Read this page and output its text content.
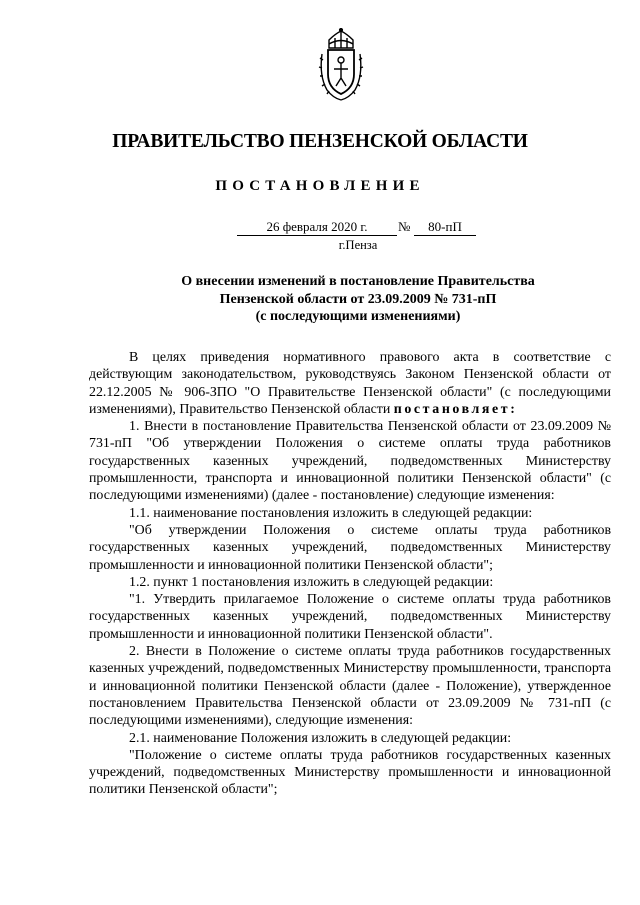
ПРАВИТЕЛЬСТВО ПЕНЗЕНСКОЙ ОБЛАСТИ
ПОСТАНОВЛЕНИЕ
26 февраля 2020 г.	№	80-пП
г.Пенза
О внесении изменений в постановление Правительства
Пензенской области от 23.09.2009 № 731-пП
(с последующими изменениями)

В целях приведения нормативного правового акта в соответствие с действующим законодательством, руководствуясь Законом Пензенской области от 22.12.2005 № 906-ЗПО "О Правительстве Пензенской области" (с последующими изменениями), Правительство Пензенской области постановляет:

1. Внести в постановление Правительства Пензенской области от 23.09.2009 № 731-пП "Об утверждении Положения о системе оплаты труда работников государственных казенных учреждений, подведомственных Министерству промышленности, транспорта и инновационной политики Пензенской области" (с последующими изменениями) (далее - постановление) следующие изменения:

1.1. наименование постановления изложить в следующей редакции:

"Об утверждении Положения о системе оплаты труда работников государственных казенных учреждений, подведомственных Министерству промышленности и инновационной политики Пензенской области";

1.2. пункт 1 постановления изложить в следующей редакции:

"1. Утвердить прилагаемое Положение о системе оплаты труда работников государственных казенных учреждений, подведомственных Министерству промышленности и инновационной политики Пензенской области".

2. Внести в Положение о системе оплаты труда работников государственных казенных учреждений, подведомственных Министерству промышленности, транспорта и инновационной политики Пензенской области (далее - Положение), утвержденное постановлением Правительства Пензенской области от 23.09.2009 № 731-пП (с последующими изменениями), следующие изменения:

2.1. наименование Положения изложить в следующей редакции:

"Положение о системе оплаты труда работников государственных казенных учреждений, подведомственных Министерству промышленности и инновационной политики Пензенской области";
